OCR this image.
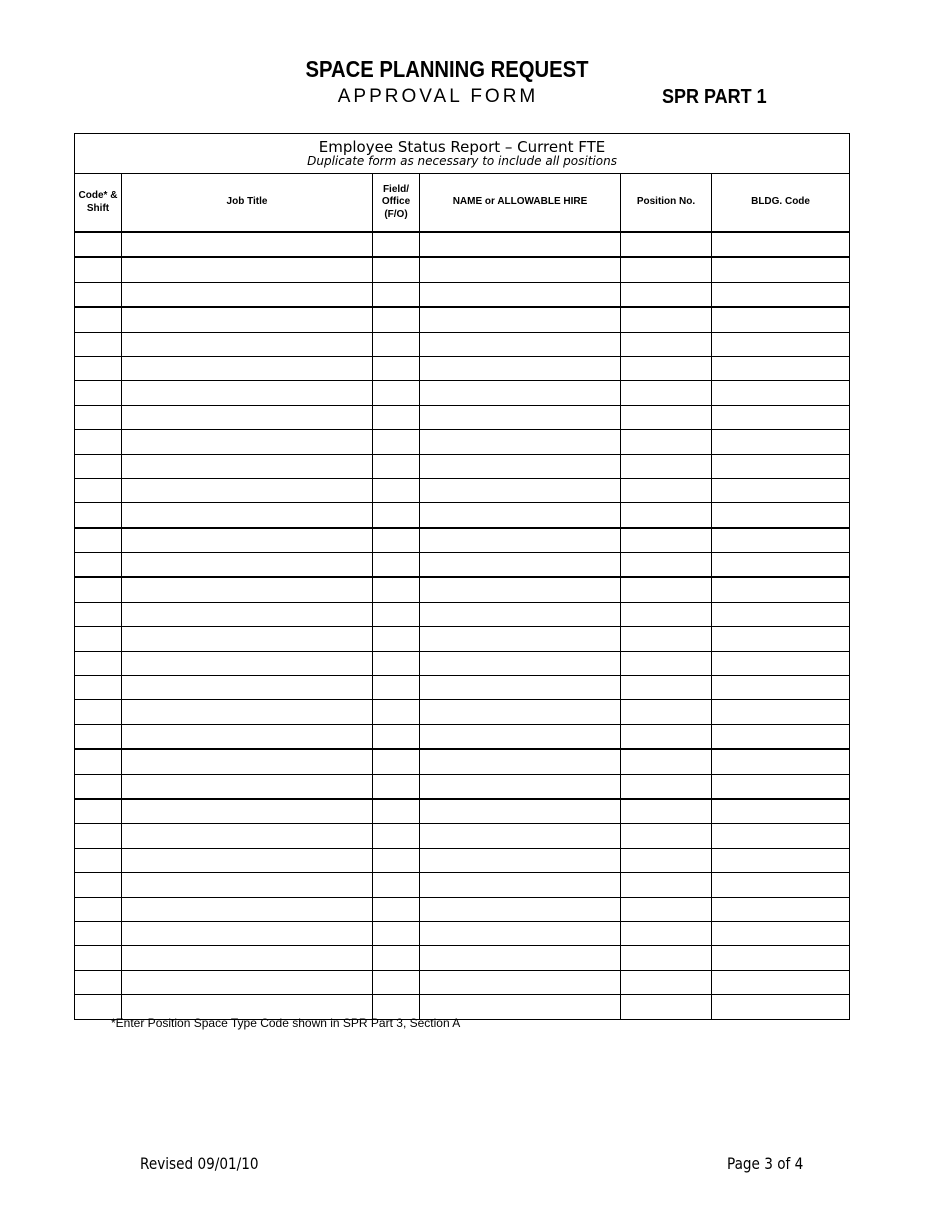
SPACE PLANNING REQUEST
APPROVAL FORM	SPR PART 1
Employee Status Report – Current FTE
Duplicate form as necessary to include all positions					

Code* & Shift	Job Title	Field/ Office (F/O)	NAME or ALLOWABLE HIRE	Position No.	BLDG. Code

*Enter Position Space Type Code shown in SPR Part 3, Section A
Revised 09/01/10	Page 3 of 4
